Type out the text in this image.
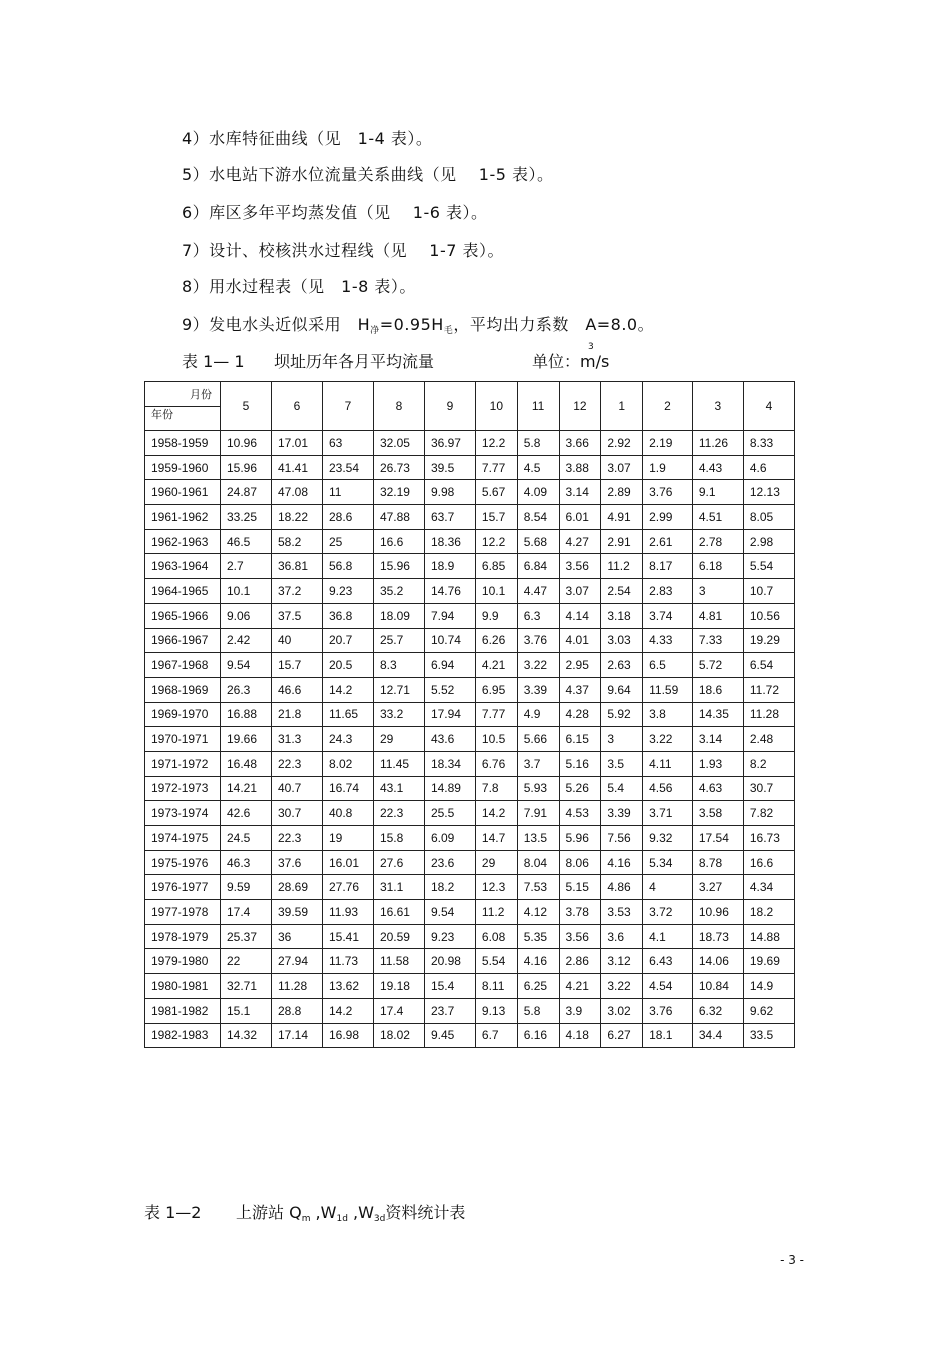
4）水库特征曲线（见　1-4 表）。
5）水电站下游水位流量关系曲线（见　 1-5 表）。
6）库区多年平均蒸发值（见　 1-6 表）。
7）设计、校核洪水过程线（见　 1-7 表）。
8）用水过程表（见　1-8 表）。
9）发电水头近似采用　$H_净=0.95H_毛$，平均出力系数　A=8.0。
表 1— 1 坝址历年各月平均流量	单位：m/s
3
月份
年份	5	6	7	8	9	10	11	12	1	2	3	4
1958-1959	10.96	17.01	63	32.05	36.97	12.2	5.8	3.66	2.92	2.19	11.26	8.33
1959-1960	15.96	41.41	23.54	26.73	39.5	7.77	4.5	3.88	3.07	1.9	4.43	4.6
1960-1961	24.87	47.08	11	32.19	9.98	5.67	4.09	3.14	2.89	3.76	9.1	12.13
1961-1962	33.25	18.22	28.6	47.88	63.7	15.7	8.54	6.01	4.91	2.99	4.51	8.05
1962-1963	46.5	58.2	25	16.6	18.36	12.2	5.68	4.27	2.91	2.61	2.78	2.98
1963-1964	2.7	36.81	56.8	15.96	18.9	6.85	6.84	3.56	11.2	8.17	6.18	5.54
1964-1965	10.1	37.2	9.23	35.2	14.76	10.1	4.47	3.07	2.54	2.83	3	10.7
1965-1966	9.06	37.5	36.8	18.09	7.94	9.9	6.3	4.14	3.18	3.74	4.81	10.56
1966-1967	2.42	40	20.7	25.7	10.74	6.26	3.76	4.01	3.03	4.33	7.33	19.29
1967-1968	9.54	15.7	20.5	8.3	6.94	4.21	3.22	2.95	2.63	6.5	5.72	6.54
1968-1969	26.3	46.6	14.2	12.71	5.52	6.95	3.39	4.37	9.64	11.59	18.6	11.72
1969-1970	16.88	21.8	11.65	33.2	17.94	7.77	4.9	4.28	5.92	3.8	14.35	11.28
1970-1971	19.66	31.3	24.3	29	43.6	10.5	5.66	6.15	3	3.22	3.14	2.48
1971-1972	16.48	22.3	8.02	11.45	18.34	6.76	3.7	5.16	3.5	4.11	1.93	8.2
1972-1973	14.21	40.7	16.74	43.1	14.89	7.8	5.93	5.26	5.4	4.56	4.63	30.7
1973-1974	42.6	30.7	40.8	22.3	25.5	14.2	7.91	4.53	3.39	3.71	3.58	7.82
1974-1975	24.5	22.3	19	15.8	6.09	14.7	13.5	5.96	7.56	9.32	17.54	16.73
1975-1976	46.3	37.6	16.01	27.6	23.6	29	8.04	8.06	4.16	5.34	8.78	16.6
1976-1977	9.59	28.69	27.76	31.1	18.2	12.3	7.53	5.15	4.86	4	3.27	4.34
1977-1978	17.4	39.59	11.93	16.61	9.54	11.2	4.12	3.78	3.53	3.72	10.96	18.2
1978-1979	25.37	36	15.41	20.59	9.23	6.08	5.35	3.56	3.6	4.1	18.73	14.88
1979-1980	22	27.94	11.73	11.58	20.98	5.54	4.16	2.86	3.12	6.43	14.06	19.69
1980-1981	32.71	11.28	13.62	19.18	15.4	8.11	6.25	4.21	3.22	4.54	10.84	14.9
1981-1982	15.1	28.8	14.2	17.4	23.7	9.13	5.8	3.9	3.02	3.76	6.32	9.62
1982-1983	14.32	17.14	16.98	18.02	9.45	6.7	6.16	4.18	6.27	18.1	34.4	33.5
表 1—2 上游站 $Q_m$ $,W_{1d}$ $,W_{3d}$资料统计表
- 3 -
